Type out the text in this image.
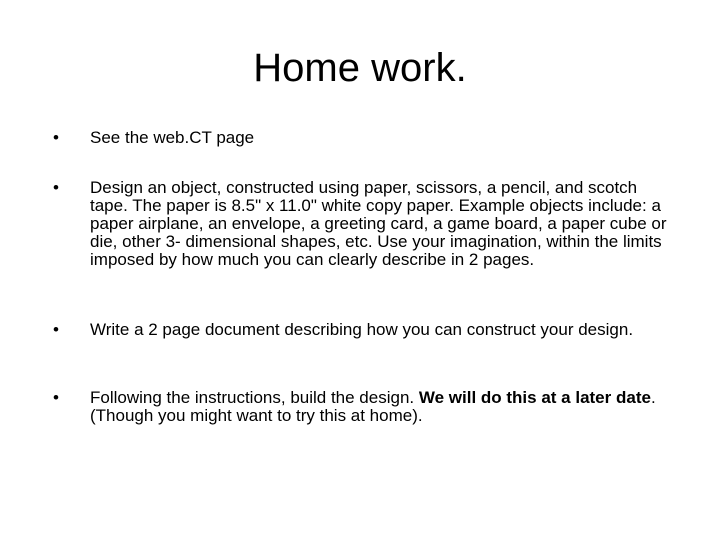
Home work.
• See the web.CT page
• Design an object, constructed using paper, scissors, a pencil, and scotch tape. The paper is 8.5" x 11.0" white copy paper. Example objects include: a paper airplane, an envelope, a greeting card, a game board, a paper cube or die, other 3- dimensional shapes, etc. Use your imagination, within the limits imposed by how much you can clearly describe in 2 pages.
• Write a 2 page document describing how you can construct your design.
• Following the instructions, build the design. We will do this at a later date. (Though you might want to try this at home).
